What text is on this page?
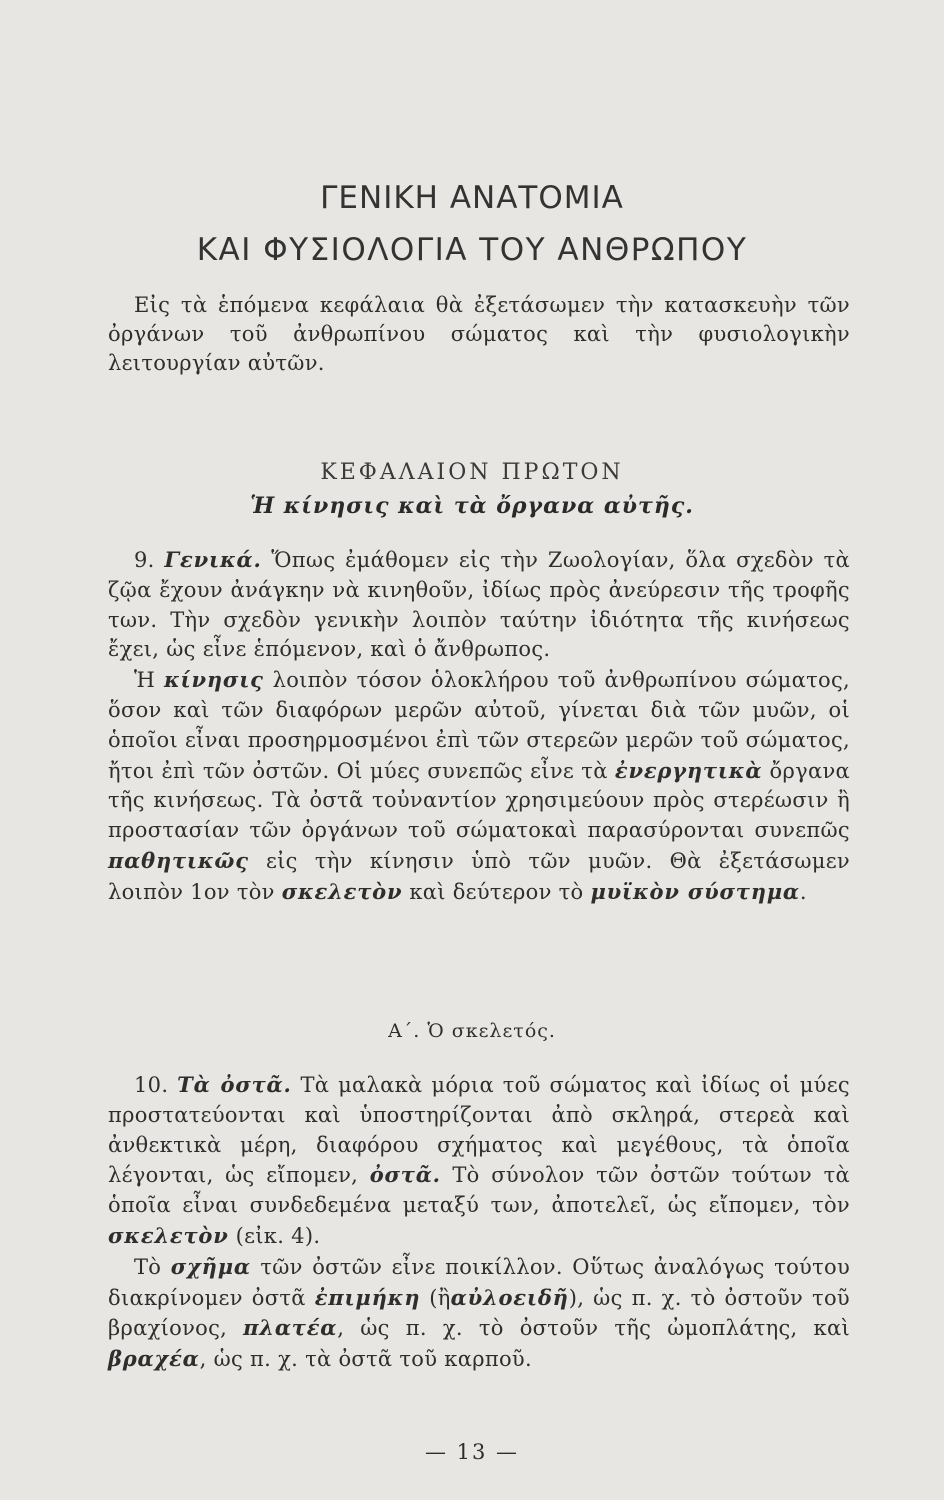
ΓΕΝΙΚΗ ΑΝΑΤΟΜΙΑ
ΚΑΙ ΦΥΣΙΟΛΟΓΙΑ ΤΟΥ ΑΝΘΡΩΠΟΥ
Εἰς τὰ ἑπόμενα κεφάλαια θὰ ἐξετάσωμεν τὴν κατασκευὴν τῶν ὀργάνων τοῦ ἀνθρωπίνου σώματος καὶ τὴν φυσιολογικὴν λειτουργίαν αὐτῶν.
ΚΕΦΑΛΑΙΟΝ ΠΡΩΤΟΝ
Ἡ κίνησις καὶ τὰ ὄργανα αὐτῆς.

9. Γενικά. Ὅπως ἐμάθομεν εἰς τὴν Ζωολογίαν, ὅλα σχεδὸν τὰ ζῷα ἔχουν ἀνάγκην νὰ κινηθοῦν, ἰδίως πρὸς ἀνεύρεσιν τῆς τροφῆς των. Τὴν σχεδὸν γενικὴν λοιπὸν ταύτην ἰδιότητα τῆς κινήσεως ἔχει, ὡς εἶνε ἑπόμενον, καὶ ὁ ἄνθρωπος.

Ἡ κίνησις λοιπὸν τόσον ὁλοκλήρου τοῦ ἀνθρωπίνου σώματος, ὅσον καὶ τῶν διαφόρων μερῶν αὐτοῦ, γίνεται διὰ τῶν μυῶν, οἱ ὁποῖοι εἶναι προσηρμοσμένοι ἐπὶ τῶν στερεῶν μερῶν τοῦ σώματος, ἤτοι ἐπὶ τῶν ὀστῶν. Οἱ μύες συνεπῶς εἶνε τὰ ἐνεργητικὰ ὄργανα τῆς κινήσεως. Τὰ ὀστᾶ τοὐναντίον χρησιμεύουν πρὸς στερέωσιν ἢ προστασίαν τῶν ὀργάνων τοῦ σώματοκαὶ παρασύρονται συνεπῶς παθητικῶς εἰς τὴν κίνησιν ὑπὸ τῶν μυῶν. Θὰ ἐξετάσωμεν λοιπὸν 1ον τὸν σκελετὸν καὶ δεύτερον τὸ μυϊκὸν σύστημα.

Α΄. Ὁ σκελετός.

10. Τὰ ὀστᾶ. Τὰ μαλακὰ μόρια τοῦ σώματος καὶ ἰδίως οἱ μύες προστατεύονται καὶ ὑποστηρίζονται ἀπὸ σκληρά, στερεὰ καὶ ἀνθεκτικὰ μέρη, διαφόρου σχήματος καὶ μεγέθους, τὰ ὁποῖα λέγονται, ὡς εἴπομεν, ὀστᾶ. Τὸ σύνολον τῶν ὀστῶν τούτων τὰ ὁποῖα εἶναι συνδεδεμένα μεταξύ των, ἀποτελεῖ, ὡς εἴπομεν, τὸν σκελετὸν (εἰκ. 4).

Τὸ σχῆμα τῶν ὀστῶν εἶνε ποικίλλον. Οὕτως ἀναλόγως τούτου διακρίνομεν ὀστᾶ ἐπιμήκη (ἢαὐλοειδῆ), ὡς π. χ. τὸ ὀστοῦν τοῦ βραχίονος, πλατέα, ὡς π. χ. τὸ ὀστοῦν τῆς ὠμοπλάτης, καὶ βραχέα, ὡς π. χ. τὰ ὀστᾶ τοῦ καρποῦ.

— 13 —
